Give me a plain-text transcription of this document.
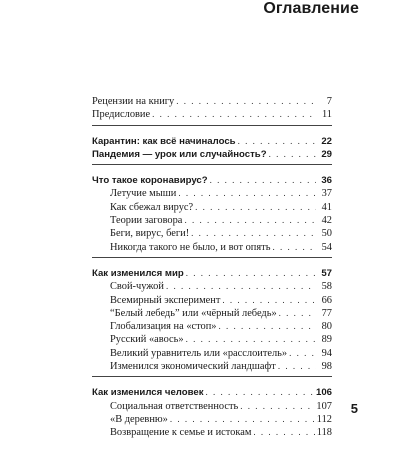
Оглавление
Рецензии на книгу . . .	7
Предисловие . . .	11
Карантин: как всё начиналось . . .	22
Пандемия — урок или случайность? . . .	29
Что такое коронавирус? . . .	36
Летучие мыши . . .	37
Как сбежал вирус? . . .	41
Теории заговора . . .	42
Беги, вирус, беги! . . .	50
Никогда такого не было, и вот опять . . .	54
Как изменился мир . . .	57
Свой-чужой . . .	58
Всемирный эксперимент . . .	66
“Белый лебедь” или «чёрный лебедь» . . .	77
Глобализация на «стоп» . . .	80
Русский «авось» . . .	89
Великий уравнитель или «расслоитель» . . .	94
Изменился экономический ландшафт . . .	98
Как изменился человек . . .	106
Социальная ответственность . . .	107
«В деревню» . . .	112
Возвращение к семье и истокам . . .	118
5
